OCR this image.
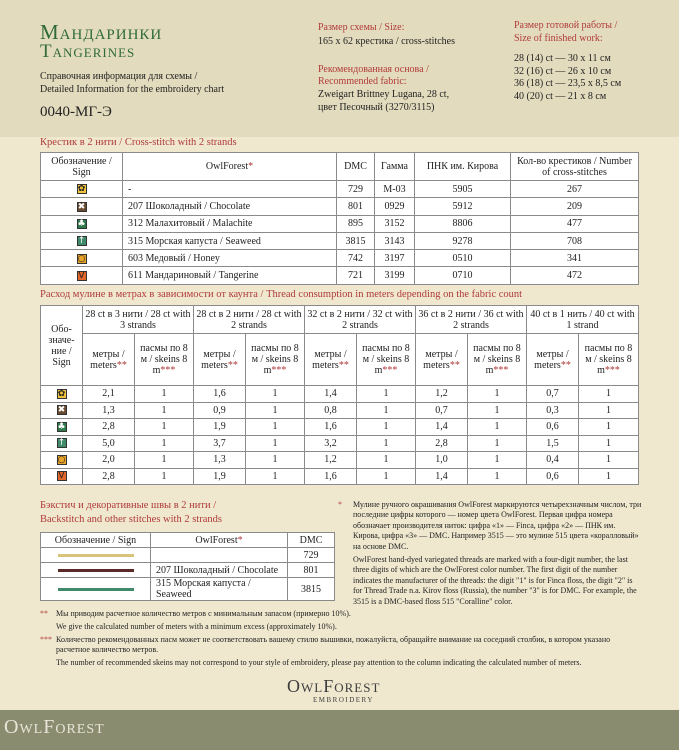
Мандаринки
Tangerines
Справочная информация для схемы /
Detailed Information for the embroidery chart
0040-МГ-Э
Размер схемы / Size:
165 х 62 крестика / cross-stitches
Рекомендованная основа /
Recommended fabric:
Zweigart Brittney Lugana, 28 ct,
цвет Песочный (3270/3115)
Размер готовой работы /
Size of finished work:
28 (14) ct — 30 х 11 см
32 (16) ct — 26 х 10 см
36 (18) ct — 23,5 х 8,5 см
40 (20) ct — 21 х 8 см
Крестик в 2 нити / Cross-stitch with 2 strands
Обозначение / Sign	OwlForest*	DMC	Гамма	ПНК им. Кирова	Кол-во крестиков / Number of cross-stitches
✿	-	729	М-03	5905	267
✖	207 Шоколадный / Chocolate	801	0929	5912	209
♣	312 Малахитовый / Malachite	895	3152	8806	477
↑	315 Морская капуста / Seaweed	3815	3143	9278	708
○	603 Медовый / Honey	742	3197	0510	341
V	611 Мандариновый / Tangerine	721	3199	0710	472
Расход мулине в метрах в зависимости от каунта / Thread consumption in meters depending on the fabric count
Обо-значе-ние / Sign	28 ct в 3 нити / 28 ct with 3 strands		28 ct в 2 нити / 28 ct with 2 strands		32 ct в 2 нити / 32 ct with 2 strands		36 ct в 2 нити / 36 ct with 2 strands		40 ct в 1 нить / 40 ct with 1 strand	
	метры / meters**	пасмы по 8 м / skeins 8 m***	метры / meters**	пасмы по 8 м / skeins 8 m***	метры / meters**	пасмы по 8 м / skeins 8 m***	метры / meters**	пасмы по 8 м / skeins 8 m***	метры / meters**	пасмы по 8 м / skeins 8 m***
✿	2,1	1	1,6	1	1,4	1	1,2	1	0,7	1
✖	1,3	1	0,9	1	0,8	1	0,7	1	0,3	1
♣	2,8	1	1,9	1	1,6	1	1,4	1	0,6	1
↑	5,0	1	3,7	1	3,2	1	2,8	1	1,5	1
○	2,0	1	1,3	1	1,2	1	1,0	1	0,4	1
V	2,8	1	1,9	1	1,6	1	1,4	1	0,6	1
Бэкстич и декоративные швы в 2 нити /
Backstitch and other stitches with 2 strands
Обозначение / Sign	OwlForest*	DMC
		729
	207 Шоколадный / Chocolate	801
	315 Морская капуста / Seaweed	3815
* Мулине ручного окрашивания OwlForest маркируются четырехзначным числом, три последние цифры которого — номер цвета OwlForest. Первая цифра номера обозначает производителя ниток: цифра «1» — Finca, цифра «2» — ПНК им. Кирова, цифра «3» — DMC. Например 3515 — это мулине 515 цвета «коралловый» на основе DMC.
OwlForest hand-dyed variegated threads are marked with a four-digit number, the last three digits of which are the OwlForest color number. The first digit of the number indicates the manufacturer of the threads: the digit "1" is for Finca floss, the digit "2" is for Thread Trade n.a. Kirov floss (Russia), the number "3" is for DMC. For example, the 3515 is a DMC-based floss 515 "Coralline" color.
** Мы приводим расчетное количество метров с минимальным запасом (примерно 10%).
We give the calculated number of meters with a minimum excess (approximately 10%).
*** Количество рекомендованных пасм может не соответствовать вашему стилю вышивки, пожалуйста, обращайте внимание на соседний столбик, в котором указано расчетное количество метров.
The number of recommended skeins may not correspond to your style of embroidery, please pay attention to the column indicating the calculated number of meters.
OwlForest
EMBROIDERY
OwlForest
